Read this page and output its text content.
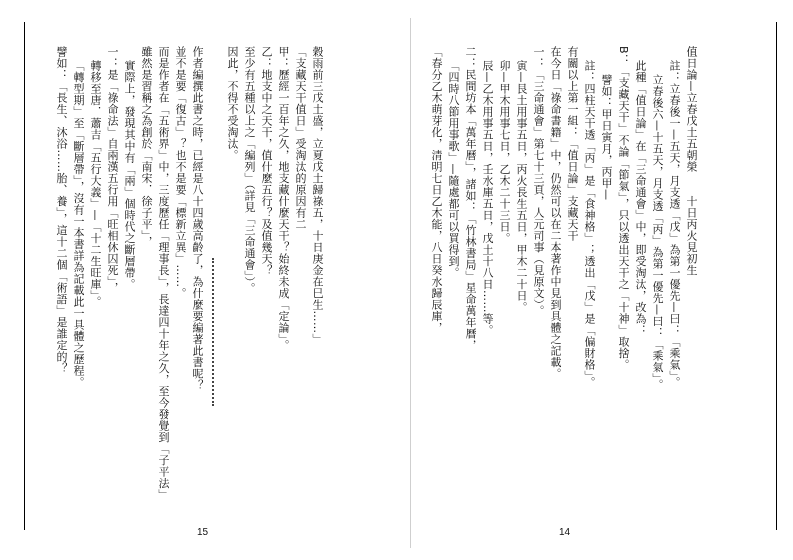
穀雨前三戊土盛，立夏戊土歸祿五，十日庚金在巳生……」
「支藏天干值日」受淘汰的原因有二
甲：歷經一百年之久，地支藏什麼天干？始終未成「定論」。
乙：地支中之天干，值什麼五行？及值幾天？
至少有五種以上之「編列」（詳見「三命通會」）。
因此，不得不受淘汰。
作者編撰此書之時，已經是八十四歲高齡了，為什麼要編著此書呢？
並不是要「復古」？也不是要「標新立異」……。
而是作者在「五術界」中，三度歷任「理事長」，長達四十年之久，至今發覺到「子平法」
雖然是習稱之為創於「南宋．徐子平」，
實際上，發現其中有「兩」個時代之斷層帶。
一：是「祿命法」自兩漢五行用「旺相休囚死」，
轉移至唐．蕭吉「五行大義」—「十二生旺庫」。
「轉型期」至「斷層帶」，沒有一本書詳為記載此一具體之歷程。
譬如：「長生、沐浴……胎、養」，這十二個「術語」是誰定的？
15
值日論—立春戊土五朝榮　　十日丙火見初生
註：立春後一—五天，月支透「戊」為第一優先—曰：「乘氣」。
立春後六—十五天，月支透「丙」為第一優先—曰：「乘氣」。
此種「值日論」在「三命通會」中，即受淘汰，改為：
B：「支藏天干」不論「節氣」，只以透出天干之「十神」取捨。
譬如：甲日寅月，丙甲—
註：四柱天干透「丙」是「食神格」；透出「戊」是「偏財格」。
有關以上第一組：「值日論」支藏天干
在今日「祿命書籍」中，仍然可以在二本著作中見到具體之記載。
一：「三命通會」第七十三頁，人元司事（見原文）。
寅—艮土用事五日，丙火長生五日，甲木二十日。
卯—甲木用事七日，乙木二十三日。
辰—乙木用事五日，壬水庫五日，戊土十八日……等。
二：民間坊本「萬年曆」，諸如：「竹林書局」星命萬年曆，
「四時八節用事歌」—隨處都可以買得到。
「春分乙木萌芽化，清明七日乙木能，八日癸水歸辰庫，
14
